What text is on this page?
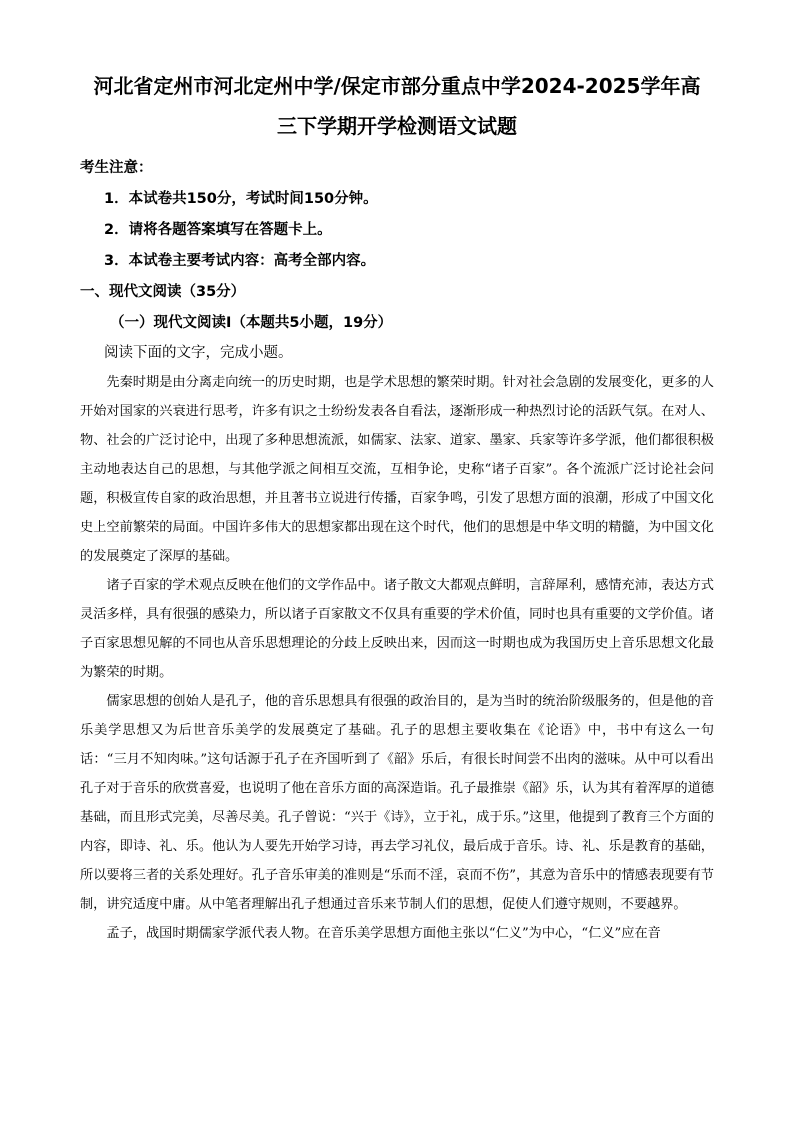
河北省定州市河北定州中学/保定市部分重点中学2024-2025学年高
三下学期开学检测语文试题
考生注意：
1．本试卷共150分，考试时间150分钟。
2．请将各题答案填写在答题卡上。
3．本试卷主要考试内容：高考全部内容。
一、现代文阅读（35分）
（一）现代文阅读Ⅰ（本题共5小题，19分）
阅读下面的文字，完成小题。

先秦时期是由分离走向统一的历史时期，也是学术思想的繁荣时期。针对社会急剧的发展变化，更多的人开始对国家的兴衰进行思考，许多有识之士纷纷发表各自看法，逐渐形成一种热烈讨论的活跃气氛。在对人、物、社会的广泛讨论中，出现了多种思想流派，如儒家、法家、道家、墨家、兵家等许多学派，他们都很积极主动地表达自己的思想，与其他学派之间相互交流，互相争论，史称“诸子百家”。各个流派广泛讨论社会问题，积极宣传自家的政治思想，并且著书立说进行传播，百家争鸣，引发了思想方面的浪潮，形成了中国文化史上空前繁荣的局面。中国许多伟大的思想家都出现在这个时代，他们的思想是中华文明的精髓，为中国文化的发展奠定了深厚的基础。

诸子百家的学术观点反映在他们的文学作品中。诸子散文大都观点鲜明，言辞犀利，感情充沛，表达方式灵活多样，具有很强的感染力，所以诸子百家散文不仅具有重要的学术价值，同时也具有重要的文学价值。诸子百家思想见解的不同也从音乐思想理论的分歧上反映出来，因而这一时期也成为我国历史上音乐思想文化最为繁荣的时期。

儒家思想的创始人是孔子，他的音乐思想具有很强的政治目的，是为当时的统治阶级服务的，但是他的音乐美学思想又为后世音乐美学的发展奠定了基础。孔子的思想主要收集在《论语》中，书中有这么一句话：“三月不知肉味。”这句话源于孔子在齐国听到了《韶》乐后，有很长时间尝不出肉的滋味。从中可以看出孔子对于音乐的欣赏喜爱，也说明了他在音乐方面的高深造诣。孔子最推崇《韶》乐，认为其有着浑厚的道德基础，而且形式完美，尽善尽美。孔子曾说：“兴于《诗》，立于礼，成于乐。”这里，他提到了教育三个方面的内容，即诗、礼、乐。他认为人要先开始学习诗，再去学习礼仪，最后成于音乐。诗、礼、乐是教育的基础，所以要将三者的关系处理好。孔子音乐审美的准则是“乐而不淫，哀而不伤”，其意为音乐中的情感表现要有节制，讲究适度中庸。从中笔者理解出孔子想通过音乐来节制人们的思想，促使人们遵守规则，不要越界。

孟子，战国时期儒家学派代表人物。在音乐美学思想方面他主张以“仁义”为中心，“仁义”应在音
